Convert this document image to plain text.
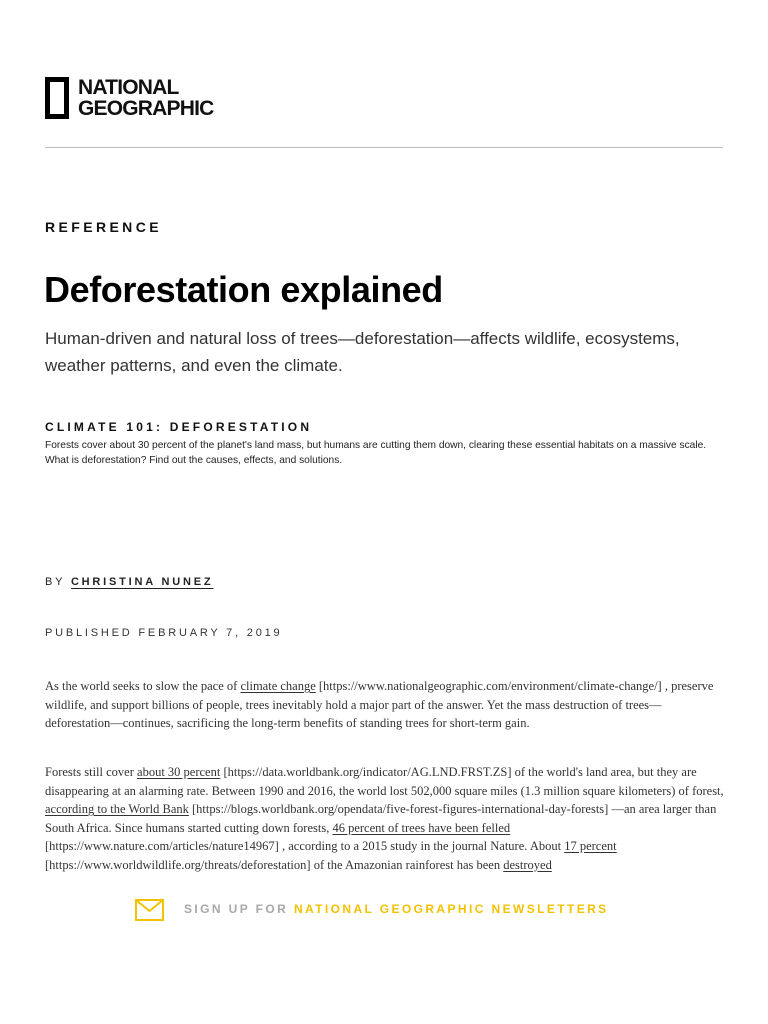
NATIONAL
GEOGRAPHIC
REFERENCE
Deforestation explained
Human-driven and natural loss of trees—deforestation—affects wildlife, ecosystems, weather patterns, and even the climate.
CLIMATE 101: DEFORESTATION
Forests cover about 30 percent of the planet's land mass, but humans are cutting them down, clearing these essential habitats on a massive scale. What is deforestation? Find out the causes, effects, and solutions.
BY CHRISTINA NUNEZ
PUBLISHED FEBRUARY 7, 2019

As the world seeks to slow the pace of climate change [https://www.nationalgeographic.com/environment/climate-change/] , preserve wildlife, and support billions of people, trees inevitably hold a major part of the answer. Yet the mass destruction of trees—deforestation—continues, sacrificing the long-term benefits of standing trees for short-term gain.

Forests still cover about 30 percent [https://data.worldbank.org/indicator/AG.LND.FRST.ZS] of the world's land area, but they are disappearing at an alarming rate. Between 1990 and 2016, the world lost 502,000 square miles (1.3 million square kilometers) of forest, according to the World Bank [https://blogs.worldbank.org/opendata/five-forest-figures-international-day-forests] —an area larger than South Africa. Since humans started cutting down forests, 46 percent of trees have been felled [https://www.nature.com/articles/nature14967] , according to a 2015 study in the journal Nature. About 17 percent [https://www.worldwildlife.org/threats/deforestation] of the Amazonian rainforest has been destroyed

SIGN UP FOR NATIONAL GEOGRAPHIC NEWSLETTERS
